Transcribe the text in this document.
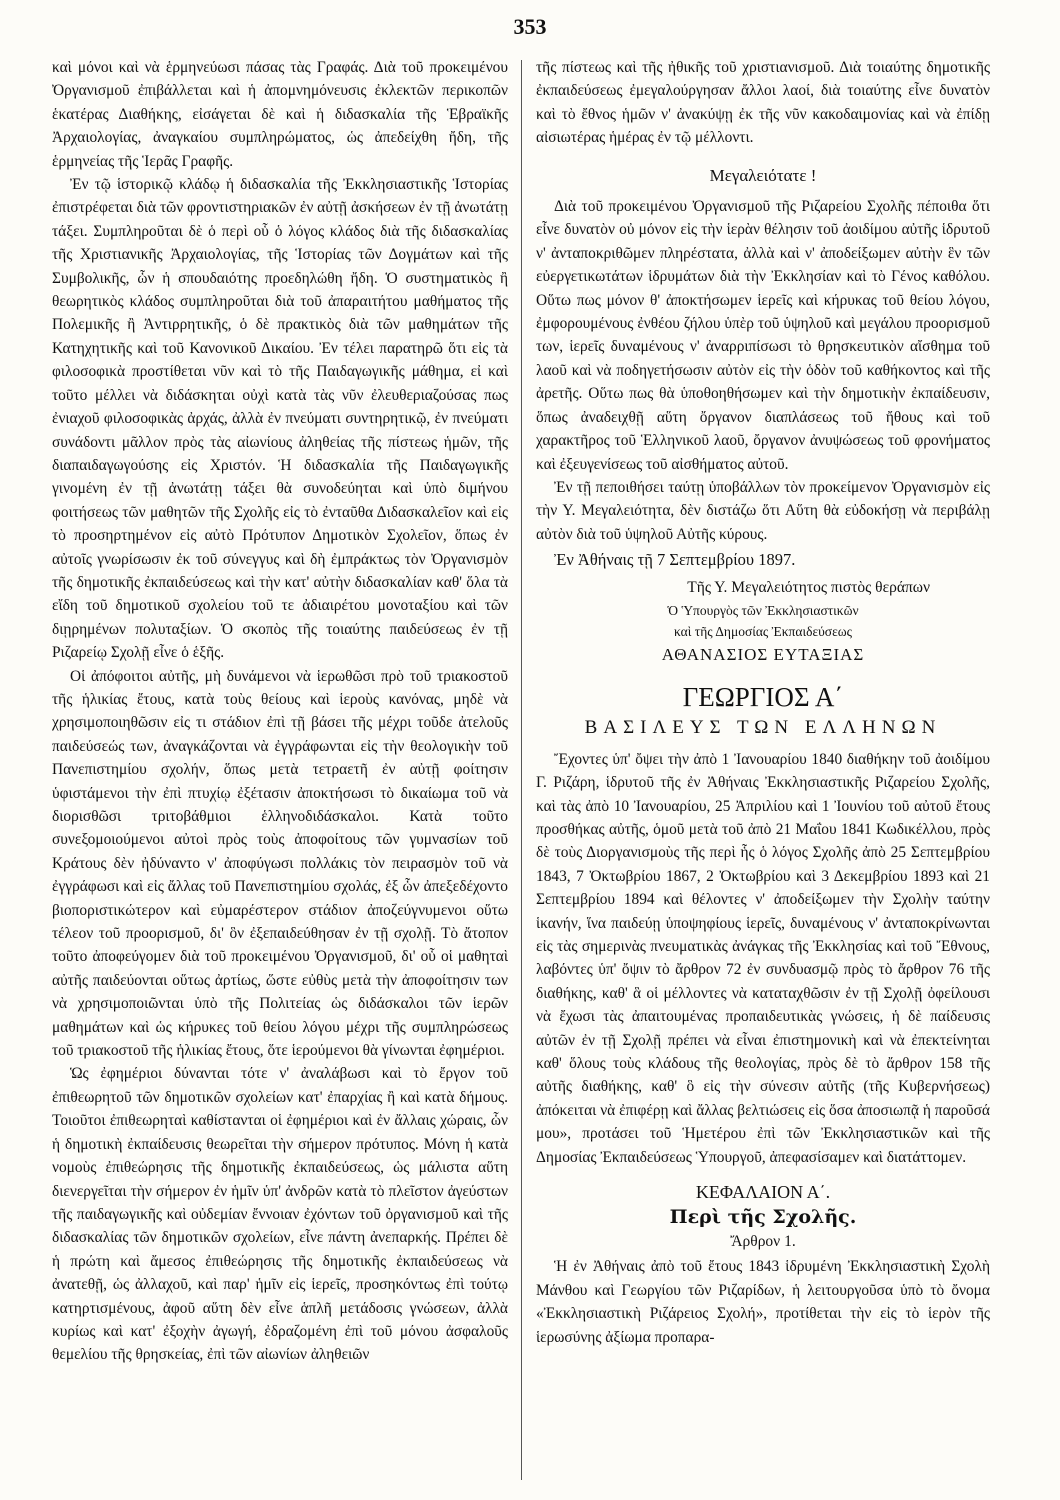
353

καὶ μόνοι καὶ νὰ ἑρμηνεύωσι πάσας τὰς Γραφάς. Διὰ τοῦ προκειμένου Ὀργανισμοῦ ἐπιβάλλεται καὶ ἡ ἀπομνημόνευσις ἐκλεκτῶν περικοπῶν ἑκατέρας Διαθήκης, εἰσάγεται δὲ καὶ ἡ διδασκαλία τῆς Ἑβραϊκῆς Ἀρχαιολογίας, ἀναγκαίου συμπληρώματος, ὡς ἀπεδείχθη ἤδη, τῆς ἑρμηνείας τῆς Ἱερᾶς Γραφῆς.

Ἐν τῷ ἱστορικῷ κλάδῳ ἡ διδασκαλία τῆς Ἐκκλησιαστικῆς Ἱστορίας ἐπιστρέφεται διὰ τῶν φροντιστηριακῶν ἐν αὐτῇ ἀσκήσεων ἐν τῇ ἀνωτάτῃ τάξει. Συμπληροῦται δὲ ὁ περὶ οὗ ὁ λόγος κλάδος διὰ τῆς διδασκαλίας τῆς Χριστιανικῆς Ἀρχαιολογίας, τῆς Ἱστορίας τῶν Δογμάτων καὶ τῆς Συμβολικῆς, ὧν ἡ σπουδαιότης προεδηλώθη ἤδη. Ὁ συστηματικὸς ἢ θεωρητικὸς κλάδος συμπληροῦται διὰ τοῦ ἀπαραιτήτου μαθήματος τῆς Πολεμικῆς ἢ Ἀντιρρητικῆς, ὁ δὲ πρακτικὸς διὰ τῶν μαθημάτων τῆς Κατηχητικῆς καὶ τοῦ Κανονικοῦ Δικαίου. Ἐν τέλει παρατηρῶ ὅτι εἰς τὰ φιλοσοφικὰ προστίθεται νῦν καὶ τὸ τῆς Παιδαγωγικῆς μάθημα, εἰ καὶ τοῦτο μέλλει νὰ διδάσκηται οὐχὶ κατὰ τὰς νῦν ἐλευθεριαζούσας πως ἐνιαχοῦ φιλοσοφικὰς ἀρχάς, ἀλλὰ ἐν πνεύματι συντηρητικῷ, ἐν πνεύματι συνάδοντι μᾶλλον πρὸς τὰς αἰωνίους ἀληθείας τῆς πίστεως ἡμῶν, τῆς διαπαιδαγωγούσης εἰς Χριστόν. Ἡ διδασκαλία τῆς Παιδαγωγικῆς γινομένη ἐν τῇ ἀνωτάτῃ τάξει θὰ συνοδεύηται καὶ ὑπὸ διμήνου φοιτήσεως τῶν μαθητῶν τῆς Σχολῆς εἰς τὸ ἐνταῦθα Διδασκαλεῖον καὶ εἰς τὸ προσηρτημένον εἰς αὐτὸ Πρότυπον Δημοτικὸν Σχολεῖον, ὅπως ἐν αὐτοῖς γνωρίσωσιν ἐκ τοῦ σύνεγγυς καὶ δὴ ἐμπράκτως τὸν Ὀργανισμὸν τῆς δημοτικῆς ἐκπαιδεύσεως καὶ τὴν κατ' αὐτὴν διδασκαλίαν καθ' ὅλα τὰ εἴδη τοῦ δημοτικοῦ σχολείου τοῦ τε ἀδιαιρέτου μονοταξίου καὶ τῶν διῃρημένων πολυταξίων. Ὁ σκοπὸς τῆς τοιαύτης παιδεύσεως ἐν τῇ Ριζαρείῳ Σχολῇ εἶνε ὁ ἑξῆς.

Οἱ ἀπόφοιτοι αὐτῆς, μὴ δυνάμενοι νὰ ἱερωθῶσι πρὸ τοῦ τριακοστοῦ τῆς ἡλικίας ἔτους, κατὰ τοὺς θείους καὶ ἱεροὺς κανόνας, μηδὲ νὰ χρησιμοποιηθῶσιν εἰς τι στάδιον ἐπὶ τῇ βάσει τῆς μέχρι τοῦδε ἀτελοῦς παιδεύσεώς των, ἀναγκάζονται νὰ ἐγγράφωνται εἰς τὴν θεολογικὴν τοῦ Πανεπιστημίου σχολήν, ὅπως μετὰ τετραετῆ ἐν αὐτῇ φοίτησιν ὑφιστάμενοι τὴν ἐπὶ πτυχίῳ ἐξέτασιν ἀποκτήσωσι τὸ δικαίωμα τοῦ νὰ διορισθῶσι τριτοβάθμιοι ἑλληνοδιδάσκαλοι. Κατὰ τοῦτο συνεξομοιούμενοι αὐτοὶ πρὸς τοὺς ἀποφοίτους τῶν γυμνασίων τοῦ Κράτους δὲν ἠδύναντο ν' ἀποφύγωσι πολλάκις τὸν πειρασμὸν τοῦ νὰ ἐγγράφωσι καὶ εἰς ἄλλας τοῦ Πανεπιστημίου σχολάς, ἐξ ὧν ἀπεξεδέχοντο βιοποριστικώτερον καὶ εὐμαρέστερον στάδιον ἀποζεύγνυμενοι οὕτω τέλεον τοῦ προορισμοῦ, δι' ὃν ἐξεπαιδεύθησαν ἐν τῇ σχολῇ. Τὸ ἄτοπον τοῦτο ἀποφεύγομεν διὰ τοῦ προκειμένου Ὀργανισμοῦ, δι' οὗ οἱ μαθηταὶ αὐτῆς παιδεύονται οὕτως ἀρτίως, ὥστε εὐθὺς μετὰ τὴν ἀποφοίτησιν των νὰ χρησιμοποιῶνται ὑπὸ τῆς Πολιτείας ὡς διδάσκαλοι τῶν ἱερῶν μαθημάτων καὶ ὡς κήρυκες τοῦ θείου λόγου μέχρι τῆς συμπληρώσεως τοῦ τριακοστοῦ τῆς ἡλικίας ἔτους, ὅτε ἱερούμενοι θὰ γίνωνται ἐφημέριοι.

Ὡς ἐφημέριοι δύνανται τότε ν' ἀναλάβωσι καὶ τὸ ἔργον τοῦ ἐπιθεωρητοῦ τῶν δημοτικῶν σχολείων κατ' ἐπαρχίας ἢ καὶ κατὰ δήμους. Τοιοῦτοι ἐπιθεωρηταὶ καθίστανται οἱ ἐφημέριοι καὶ ἐν ἄλλαις χώραις, ὧν ἡ δημοτικὴ ἐκπαίδευσις θεωρεῖται τὴν σήμερον πρότυπος. Μόνη ἡ κατὰ νομοὺς ἐπιθεώρησις τῆς δημοτικῆς ἐκπαιδεύσεως, ὡς μάλιστα αὕτη διενεργεῖται τὴν σήμερον ἐν ἡμῖν ὑπ' ἀνδρῶν κατὰ τὸ πλεῖστον ἀγεύστων τῆς παιδαγωγικῆς καὶ οὐδεμίαν ἔννοιαν ἐχόντων τοῦ ὀργανισμοῦ καὶ τῆς διδασκαλίας τῶν δημοτικῶν σχολείων, εἶνε πάντη ἀνεπαρκής. Πρέπει δὲ ἡ πρώτη καὶ ἄμεσος ἐπιθεώρησις τῆς δημοτικῆς ἐκπαιδεύσεως νὰ ἀνατεθῇ, ὡς ἀλλαχοῦ, καὶ παρ' ἡμῖν εἰς ἱερεῖς, προσηκόντως ἐπὶ τούτῳ κατηρτισμένους, ἀφοῦ αὕτη δὲν εἶνε ἁπλῆ μετάδοσις γνώσεων, ἀλλὰ κυρίως καὶ κατ' ἐξοχὴν ἀγωγή, ἐδραζομένη ἐπὶ τοῦ μόνου ἀσφαλοῦς θεμελίου τῆς θρησκείας, ἐπὶ τῶν αἰωνίων ἀληθειῶν

τῆς πίστεως καὶ τῆς ἠθικῆς τοῦ χριστιανισμοῦ. Διὰ τοιαύτης δημοτικῆς ἐκπαιδεύσεως ἐμεγαλούργησαν ἄλλοι λαοί, διὰ τοιαύτης εἶνε δυνατὸν καὶ τὸ ἔθνος ἡμῶν ν' ἀνακύψῃ ἐκ τῆς νῦν κακοδαιμονίας καὶ νὰ ἐπίδῃ αἰσιωτέρας ἡμέρας ἐν τῷ μέλλοντι.

Μεγαλειότατε !

Διὰ τοῦ προκειμένου Ὀργανισμοῦ τῆς Ριζαρείου Σχολῆς πέποιθα ὅτι εἶνε δυνατὸν οὐ μόνον εἰς τὴν ἱερὰν θέλησιν τοῦ ἀοιδίμου αὐτῆς ἱδρυτοῦ ν' ἀνταποκριθῶμεν πληρέστατα, ἀλλὰ καὶ ν' ἀποδείξωμεν αὐτὴν ἓν τῶν εὐεργετικωτάτων ἱδρυμάτων διὰ τὴν Ἐκκλησίαν καὶ τὸ Γένος καθόλου. Οὕτω πως μόνον θ' ἀποκτήσωμεν ἱερεῖς καὶ κήρυκας τοῦ θείου λόγου, ἐμφορουμένους ἐνθέου ζήλου ὑπὲρ τοῦ ὑψηλοῦ καὶ μεγάλου προορισμοῦ των, ἱερεῖς δυναμένους ν' ἀναρριπίσωσι τὸ θρησκευτικὸν αἴσθημα τοῦ λαοῦ καὶ νὰ ποδηγετήσωσιν αὐτὸν εἰς τὴν ὁδὸν τοῦ καθήκοντος καὶ τῆς ἀρετῆς. Οὕτω πως θὰ ὑποθοηθήσωμεν καὶ τὴν δημοτικὴν ἐκπαίδευσιν, ὅπως ἀναδειχθῇ αὕτη ὄργανον διαπλάσεως τοῦ ἤθους καὶ τοῦ χαρακτῆρος τοῦ Ἑλληνικοῦ λαοῦ, ὄργανον ἀνυψώσεως τοῦ φρονήματος καὶ ἐξευγενίσεως τοῦ αἰσθήματος αὐτοῦ.

Ἐν τῇ πεποιθήσει ταύτῃ ὑποβάλλων τὸν προκείμενον Ὀργανισμὸν εἰς τὴν Υ. Μεγαλειότητα, δὲν διστάζω ὅτι Αὕτη θὰ εὐδοκήσῃ νὰ περιβάλῃ αὐτὸν διὰ τοῦ ὑψηλοῦ Αὐτῆς κύρους.

Ἐν Ἀθήναις τῇ 7 Σεπτεμβρίου 1897.

Τῆς Υ. Μεγαλειότητος πιστὸς θεράπων

Ὁ Ὑπουργὸς τῶν Ἐκκλησιαστικῶν

καὶ τῆς Δημοσίας Ἐκπαιδεύσεως

ΑΘΑΝΑΣΙΟΣ ΕΥΤΑΞΙΑΣ

ΓΕΩΡΓΙΟΣ Α΄

ΒΑΣΙΛΕΥΣ ΤΩΝ ΕΛΛΗΝΩΝ

Ἔχοντες ὑπ' ὄψει τὴν ἀπὸ 1 Ἰανουαρίου 1840 διαθήκην τοῦ ἀοιδίμου Γ. Ριζάρη, ἱδρυτοῦ τῆς ἐν Ἀθήναις Ἐκκλησιαστικῆς Ριζαρείου Σχολῆς, καὶ τὰς ἀπὸ 10 Ἰανουαρίου, 25 Ἀπριλίου καὶ 1 Ἰουνίου τοῦ αὐτοῦ ἔτους προσθήκας αὐτῆς, ὁμοῦ μετὰ τοῦ ἀπὸ 21 Μαΐου 1841 Κωδικέλλου, πρὸς δὲ τοὺς Διοργανισμοὺς τῆς περὶ ἧς ὁ λόγος Σχολῆς ἀπὸ 25 Σεπτεμβρίου 1843, 7 Ὀκτωβρίου 1867, 2 Ὀκτωβρίου καὶ 3 Δεκεμβρίου 1893 καὶ 21 Σεπτεμβρίου 1894 καὶ θέλοντες ν' ἀποδείξωμεν τὴν Σχολὴν ταύτην ἱκανήν, ἵνα παιδεύῃ ὑποψηφίους ἱερεῖς, δυναμένους ν' ἀνταποκρίνωνται εἰς τὰς σημερινὰς πνευματικὰς ἀνάγκας τῆς Ἐκκλησίας καὶ τοῦ Ἔθνους, λαβόντες ὑπ' ὄψιν τὸ ἄρθρον 72 ἐν συνδυασμῷ πρὸς τὸ ἄρθρον 76 τῆς διαθήκης, καθ' ἃ οἱ μέλλοντες νὰ καταταχθῶσιν ἐν τῇ Σχολῇ ὀφείλουσι νὰ ἔχωσι τὰς ἀπαιτουμένας προπαιδευτικὰς γνώσεις, ἡ δὲ παίδευσις αὐτῶν ἐν τῇ Σχολῇ πρέπει νὰ εἶναι ἐπιστημονικὴ καὶ νὰ ἐπεκτείνηται καθ' ὅλους τοὺς κλάδους τῆς θεολογίας, πρὸς δὲ τὸ ἄρθρον 158 τῆς αὐτῆς διαθήκης, καθ' ὃ εἰς τὴν σύνεσιν αὐτῆς (τῆς Κυβερνήσεως) ἀπόκειται νὰ ἐπιφέρῃ καὶ ἄλλας βελτιώσεις εἰς ὅσα ἀποσιωπᾷ ἡ παροῦσά μου», προτάσει τοῦ Ἡμετέρου ἐπὶ τῶν Ἐκκλησιαστικῶν καὶ τῆς Δημοσίας Ἐκπαιδεύσεως Ὑπουργοῦ, ἀπεφασίσαμεν καὶ διατάττομεν.

ΚΕΦΑΛΑΙΟΝ Α΄.

Περὶ τῆς Σχολῆς.

Ἄρθρον 1.

Ἡ ἐν Ἀθήναις ἀπὸ τοῦ ἔτους 1843 ἱδρυμένη Ἐκκλησιαστικὴ Σχολὴ Μάνθου καὶ Γεωργίου τῶν Ριζαρίδων, ἡ λειτουργοῦσα ὑπὸ τὸ ὄνομα «Ἐκκλησιαστικὴ Ριζάρειος Σχολή», προτίθεται τὴν εἰς τὸ ἱερὸν τῆς ἱερωσύνης ἀξίωμα προπαρα-
